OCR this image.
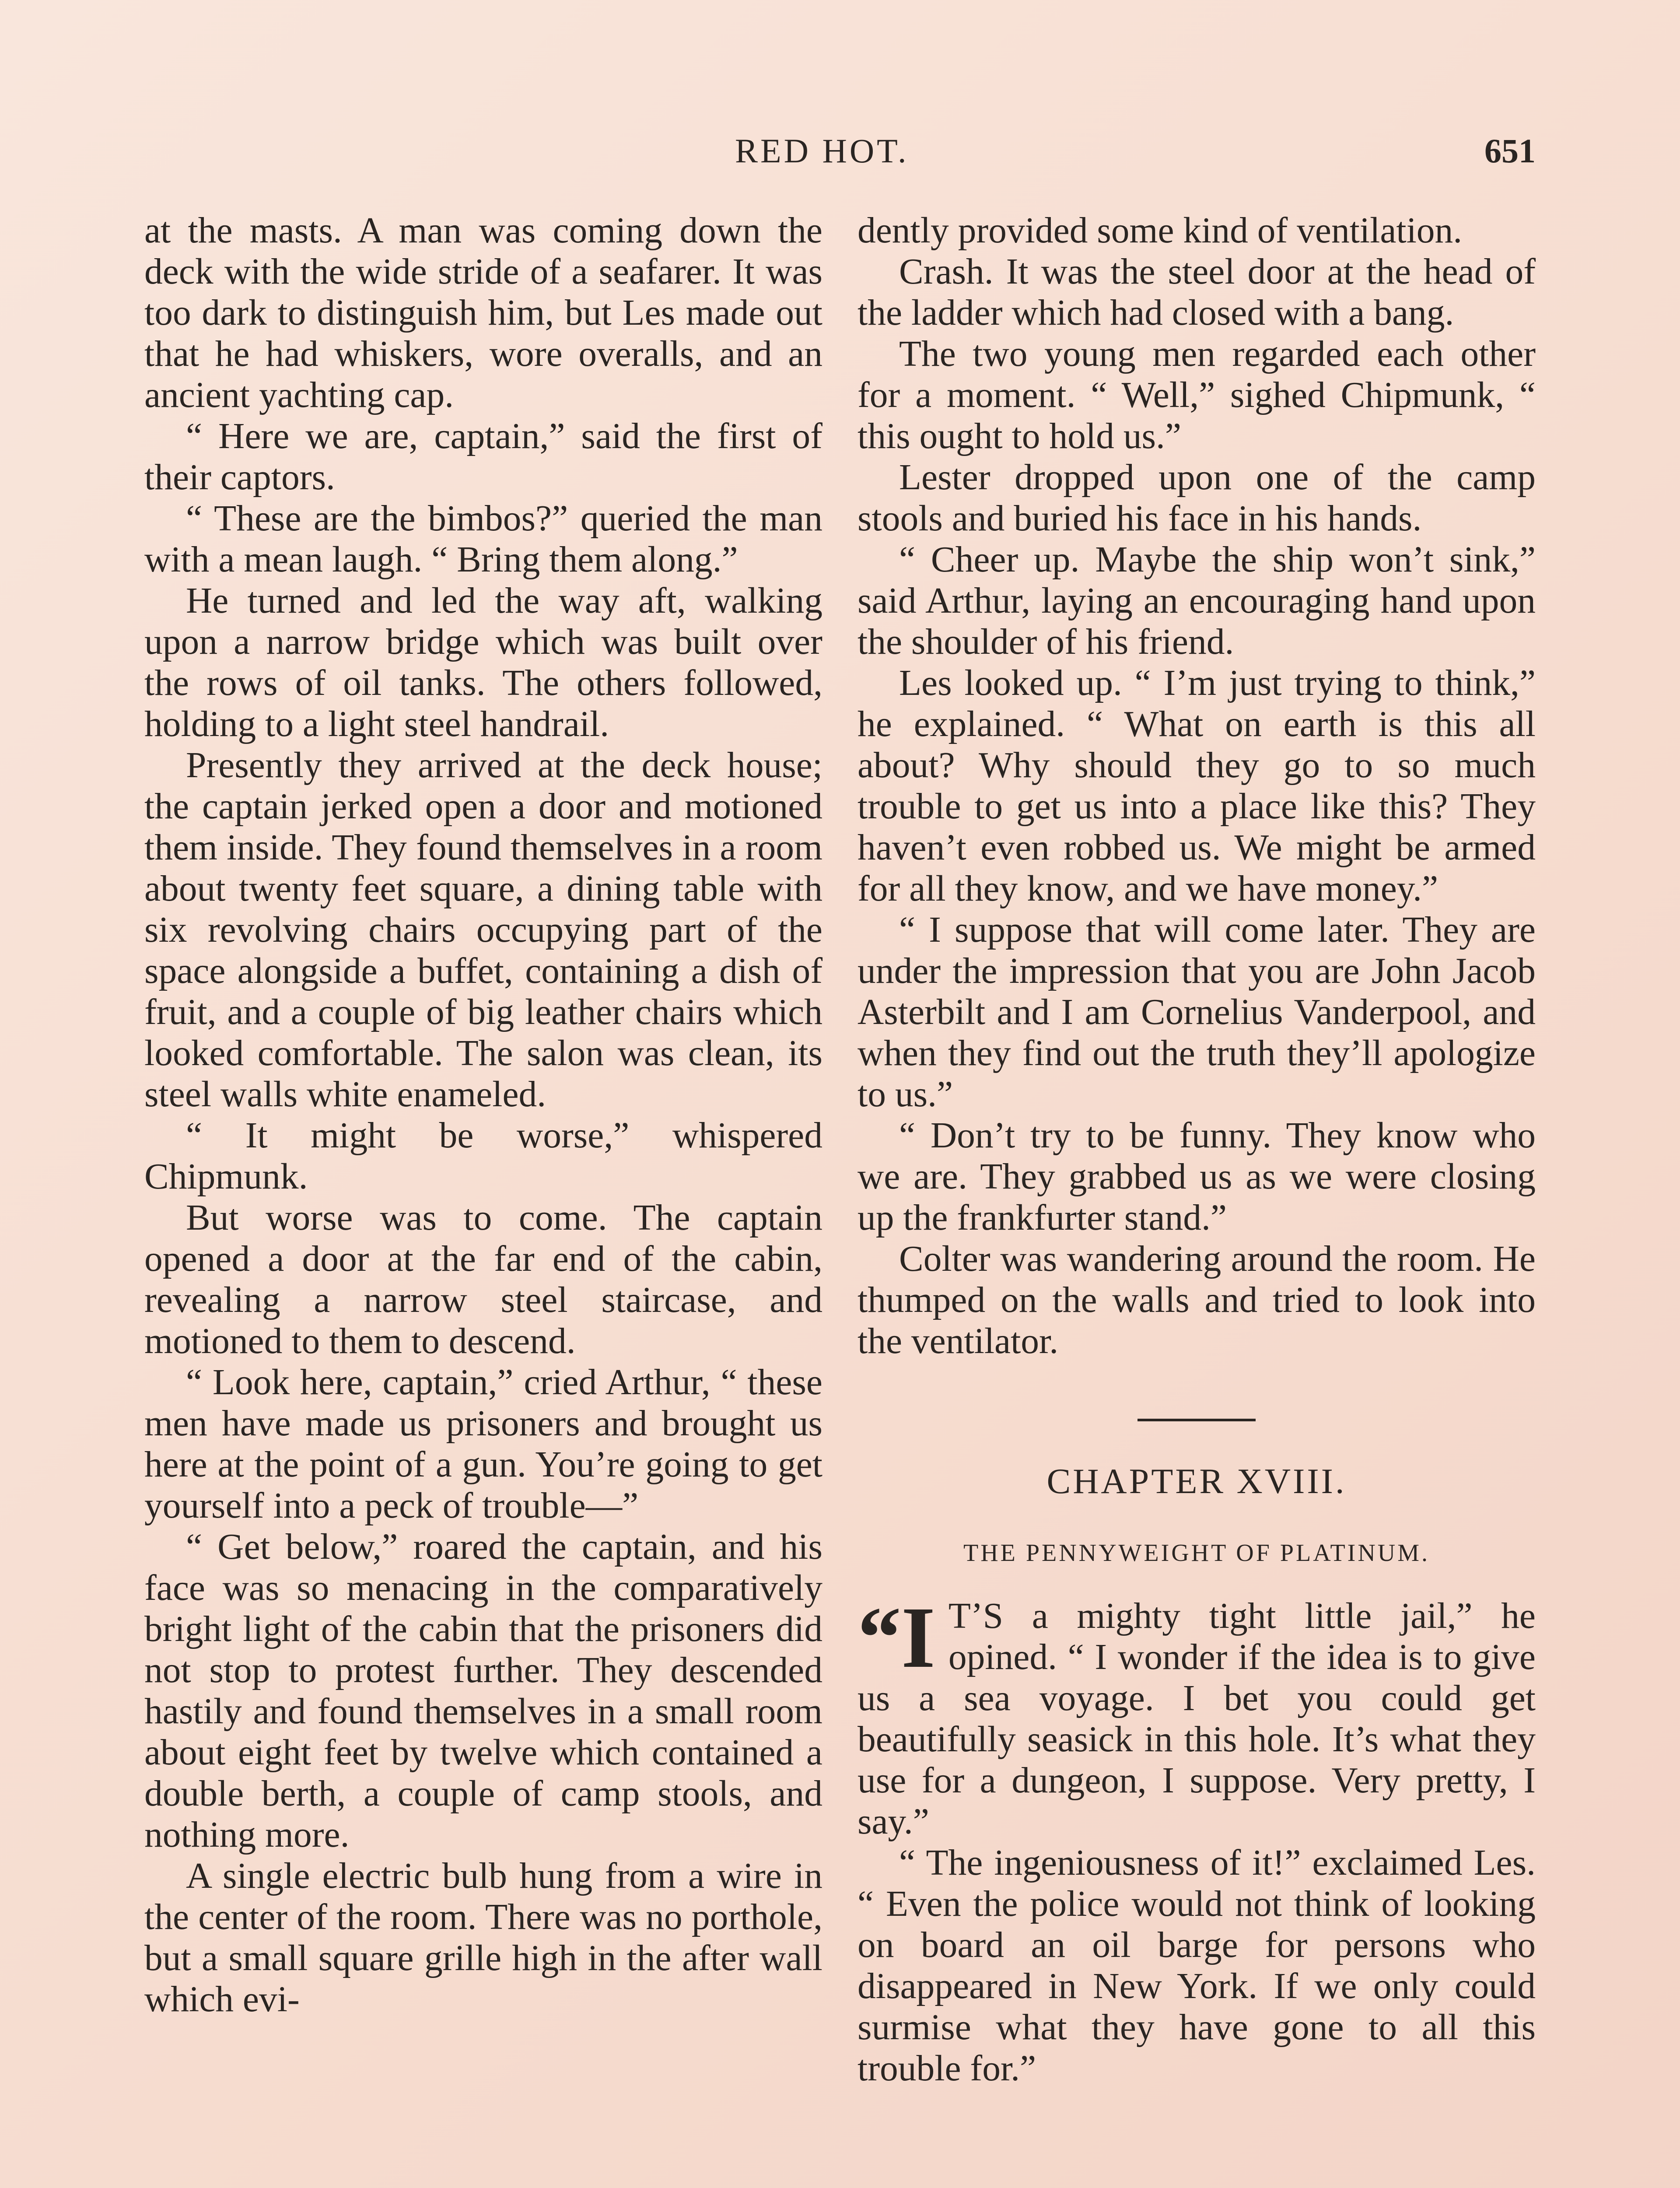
RED HOT.	651

at the masts. A man was coming down the deck with the wide stride of a seafarer. It was too dark to distinguish him, but Les made out that he had whiskers, wore overalls, and an ancient yachting cap.

“ Here we are, captain,” said the first of their captors.

“ These are the bimbos?” queried the man with a mean laugh. “ Bring them along.”

He turned and led the way aft, walking upon a narrow bridge which was built over the rows of oil tanks. The others followed, holding to a light steel handrail.

Presently they arrived at the deck house; the captain jerked open a door and motioned them inside. They found themselves in a room about twenty feet square, a dining table with six revolving chairs occupying part of the space alongside a buffet, containing a dish of fruit, and a couple of big leather chairs which looked comfortable. The salon was clean, its steel walls white enameled.

“ It might be worse,” whispered Chipmunk.

But worse was to come. The captain opened a door at the far end of the cabin, revealing a narrow steel staircase, and motioned to them to descend.

“ Look here, captain,” cried Arthur, “ these men have made us prisoners and brought us here at the point of a gun. You’re going to get yourself into a peck of trouble—”

“ Get below,” roared the captain, and his face was so menacing in the comparatively bright light of the cabin that the prisoners did not stop to protest further. They descended hastily and found themselves in a small room about eight feet by twelve which contained a double berth, a couple of camp stools, and nothing more.

A single electric bulb hung from a wire in the center of the room. There was no porthole, but a small square grille high in the after wall which evi-

dently provided some kind of ventilation.

Crash. It was the steel door at the head of the ladder which had closed with a bang.

The two young men regarded each other for a moment. “ Well,” sighed Chipmunk, “ this ought to hold us.”

Lester dropped upon one of the camp stools and buried his face in his hands.

“ Cheer up. Maybe the ship won’t sink,” said Arthur, laying an encouraging hand upon the shoulder of his friend.

Les looked up. “ I’m just trying to think,” he explained. “ What on earth is this all about? Why should they go to so much trouble to get us into a place like this? They haven’t even robbed us. We might be armed for all they know, and we have money.”

“ I suppose that will come later. They are under the impression that you are John Jacob Asterbilt and I am Cornelius Vanderpool, and when they find out the truth they’ll apologize to us.”

“ Don’t try to be funny. They know who we are. They grabbed us as we were closing up the frankfurter stand.”

Colter was wandering around the room. He thumped on the walls and tried to look into the ventilator.

CHAPTER XVIII.
THE PENNYWEIGHT OF PLATINUM.

“I T’S a mighty tight little jail,” he opined. “ I wonder if the idea is to give us a sea voyage. I bet you could get beautifully seasick in this hole. It’s what they use for a dungeon, I suppose. Very pretty, I say.”

“ The ingeniousness of it!” exclaimed Les. “ Even the police would not think of looking on board an oil barge for persons who disappeared in New York. If we only could surmise what they have gone to all this trouble for.”
